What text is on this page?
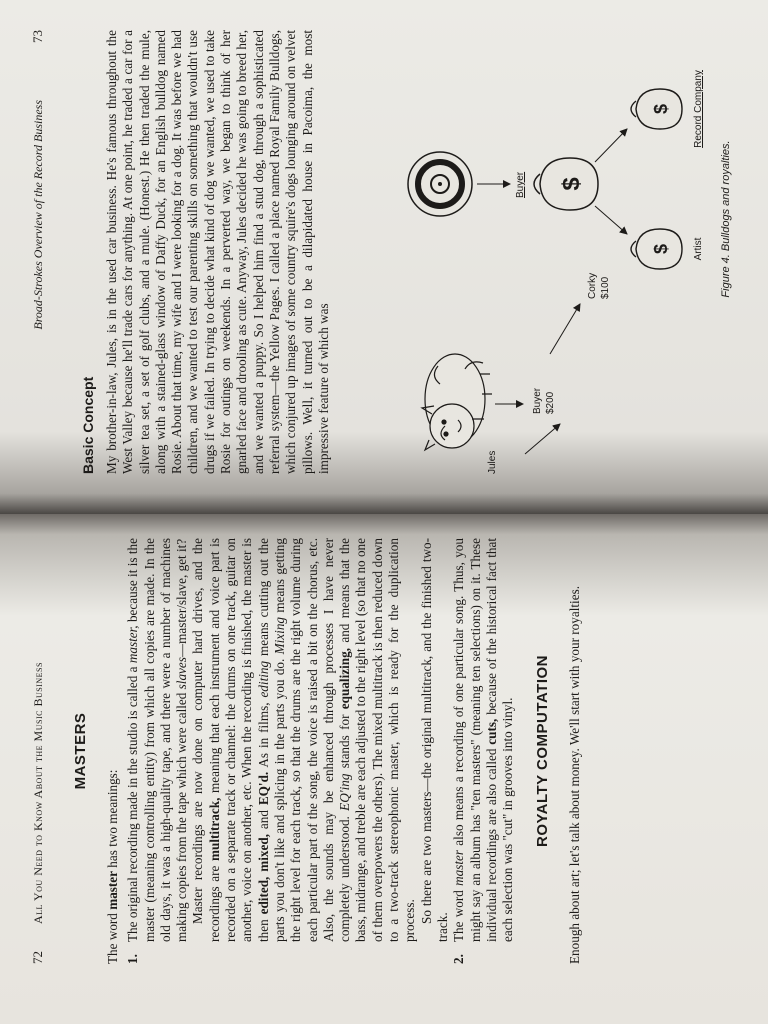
72
All You Need to Know About the Music Business MASTERS

The word master has two meanings:

1.

The original recording made in the studio is called a master, because it is the master (meaning controlling entity) from which all copies are made. In the old days, it was a high-quality tape, and there were a number of machines making copies from the tape which were called slaves—master/slave, get it? Master recordings are now done on computer hard drives, and the recordings are multitrack, meaning that each instrument and voice part is recorded on a separate track or channel: the drums on one track, guitar on another, voice on another, etc. When the recording is finished, the master is then edited, mixed, and EQ'd. As in films, editing means cutting out the parts you don't like and splicing in the parts you do. Mixing means getting the right level for each track, so that the drums are the right volume during each particular part of the song, the voice is raised a bit on the chorus, etc. Also, the sounds may be enhanced through processes I have never completely understood. EQ'ing stands for equalizing, and means that the bass, midrange, and treble are each adjusted to the right level (so that no one of them overpowers the others). The mixed multitrack is then reduced down to a two-track stereophonic master, which is ready for the duplication process. So there are two masters—the original multitrack, and the finished two-track.

2.

The word master also means a recording of one particular song. Thus, you might say an album has "ten masters" (meaning ten selections) on it. These individual recordings are also called cuts, because of the historical fact that each selection was "cut" in grooves into vinyl. ROYALTY COMPUTATION Enough about art; let's talk about money. We'll start with your royalties.

Broad-Strokes Overview of the Record Business
73
Basic Concept My brother-in-law, Jules, is in the used car business. He's famous throughout the West Valley because he'll trade cars for anything. At one point, he traded a car for a silver tea set, a set of golf clubs, and a mule. (Honest.) He then traded the mule, along with a stained-glass window of Daffy Duck, for an English bulldog named Rosie. About that time, my wife and I were looking for a dog. It was before we had children, and we wanted to test our parenting skills on something that wouldn't use drugs if we failed. In trying to decide what kind of dog we wanted, we used to take Rosie for outings on weekends. In a perverted way, we began to think of her gnarled face and drooling as cute. Anyway, Jules decided he was going to breed her, and we wanted a puppy. So I helped him find a stud dog, through a sophisticated referral system—the Yellow Pages. I called a place named Royal Family Bulldogs, which conjured up images of some country squire's dogs lounging around on velvet pillows. Well, it turned out to be a dilapidated house in Pacoima, the most impressive feature of which was	Jules
Buyer $200
Corky $100
Buyer $
$
$
Artist
Record Company
Figure 4. Bulldogs and royalties.
